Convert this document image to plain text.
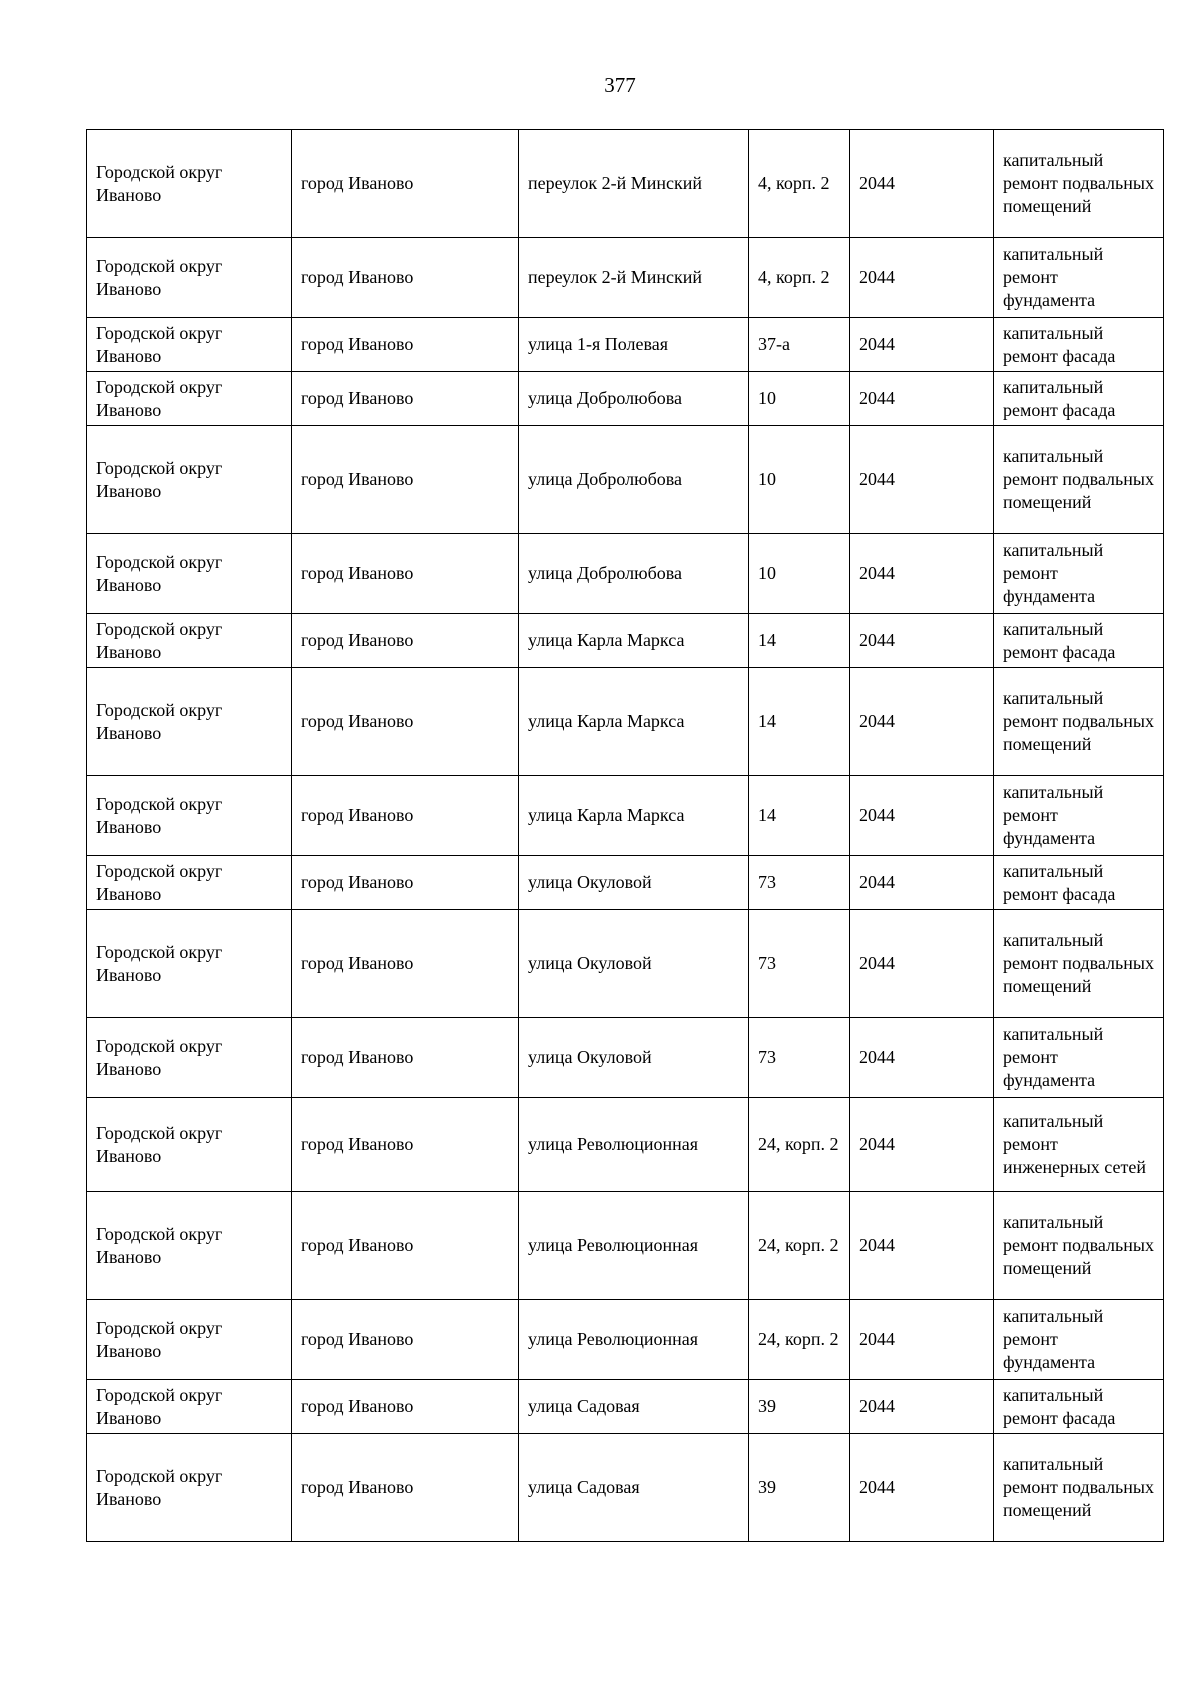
377
Городской округ Иваново	город Иваново	переулок 2-й Минский	4, корп. 2	2044	капитальный ремонт подвальных помещений
Городской округ Иваново	город Иваново	переулок 2-й Минский	4, корп. 2	2044	капитальный ремонт фундамента
Городской округ Иваново	город Иваново	улица 1-я Полевая	37-а	2044	капитальный ремонт фасада
Городской округ Иваново	город Иваново	улица Добролюбова	10	2044	капитальный ремонт фасада
Городской округ Иваново	город Иваново	улица Добролюбова	10	2044	капитальный ремонт подвальных помещений
Городской округ Иваново	город Иваново	улица Добролюбова	10	2044	капитальный ремонт фундамента
Городской округ Иваново	город Иваново	улица Карла Маркса	14	2044	капитальный ремонт фасада
Городской округ Иваново	город Иваново	улица Карла Маркса	14	2044	капитальный ремонт подвальных помещений
Городской округ Иваново	город Иваново	улица Карла Маркса	14	2044	капитальный ремонт фундамента
Городской округ Иваново	город Иваново	улица Окуловой	73	2044	капитальный ремонт фасада
Городской округ Иваново	город Иваново	улица Окуловой	73	2044	капитальный ремонт подвальных помещений
Городской округ Иваново	город Иваново	улица Окуловой	73	2044	капитальный ремонт фундамента
Городской округ Иваново	город Иваново	улица Революционная	24, корп. 2	2044	капитальный ремонт инженерных сетей
Городской округ Иваново	город Иваново	улица Революционная	24, корп. 2	2044	капитальный ремонт подвальных помещений
Городской округ Иваново	город Иваново	улица Революционная	24, корп. 2	2044	капитальный ремонт фундамента
Городской округ Иваново	город Иваново	улица Садовая	39	2044	капитальный ремонт фасада
Городской округ Иваново	город Иваново	улица Садовая	39	2044	капитальный ремонт подвальных помещений
